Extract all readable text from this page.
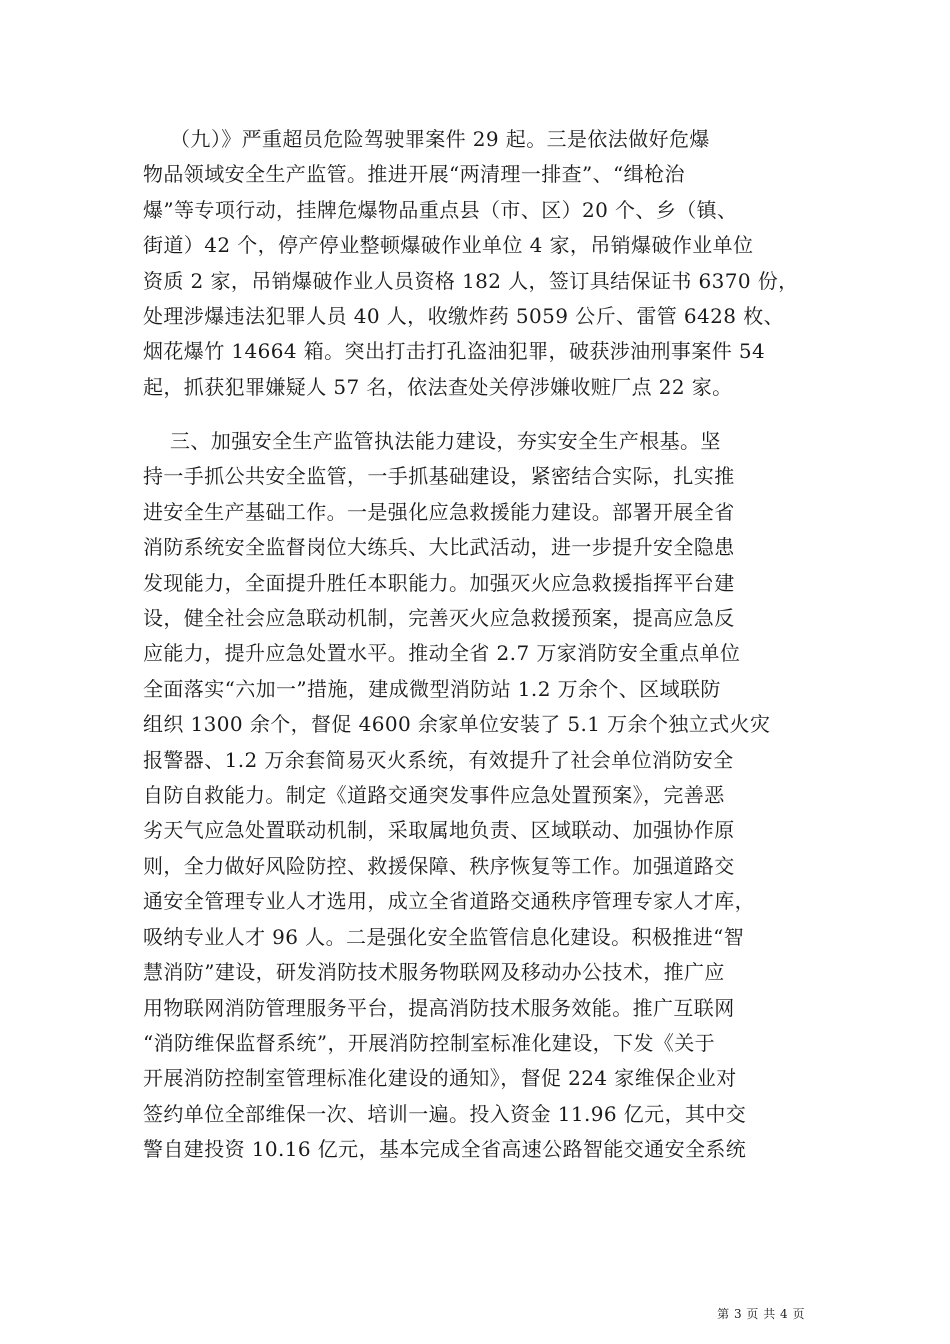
（九）》严重超员危险驾驶罪案件 29 起。三是依法做好危爆
物品领域安全生产监管。推进开展“两清理一排查”、“缉枪治
爆”等专项行动，挂牌危爆物品重点县（市、区）20 个、乡（镇、
街道）42 个，停产停业整顿爆破作业单位 4 家，吊销爆破作业单位
资质 2 家，吊销爆破作业人员资格 182 人，签订具结保证书 6370 份，
处理涉爆违法犯罪人员 40 人，收缴炸药 5059 公斤、雷管 6428 枚、
烟花爆竹 14664 箱。突出打击打孔盗油犯罪，破获涉油刑事案件 54
起，抓获犯罪嫌疑人 57 名，依法查处关停涉嫌收赃厂点 22 家。
三、加强安全生产监管执法能力建设，夯实安全生产根基。坚
持一手抓公共安全监管，一手抓基础建设，紧密结合实际，扎实推
进安全生产基础工作。一是强化应急救援能力建设。部署开展全省
消防系统安全监督岗位大练兵、大比武活动，进一步提升安全隐患
发现能力，全面提升胜任本职能力。加强灭火应急救援指挥平台建
设，健全社会应急联动机制，完善灭火应急救援预案，提高应急反
应能力，提升应急处置水平。推动全省 2.7 万家消防安全重点单位
全面落实“六加一”措施，建成微型消防站 1.2 万余个、区域联防
组织 1300 余个，督促 4600 余家单位安装了 5.1 万余个独立式火灾
报警器、1.2 万余套简易灭火系统，有效提升了社会单位消防安全
自防自救能力。制定《道路交通突发事件应急处置预案》，完善恶
劣天气应急处置联动机制，采取属地负责、区域联动、加强协作原
则，全力做好风险防控、救援保障、秩序恢复等工作。加强道路交
通安全管理专业人才选用，成立全省道路交通秩序管理专家人才库，
吸纳专业人才 96 人。二是强化安全监管信息化建设。积极推进“智
慧消防”建设，研发消防技术服务物联网及移动办公技术，推广应
用物联网消防管理服务平台，提高消防技术服务效能。推广互联网
“消防维保监督系统”，开展消防控制室标准化建设，下发《关于
开展消防控制室管理标准化建设的通知》，督促 224 家维保企业对
签约单位全部维保一次、培训一遍。投入资金 11.96 亿元，其中交
警自建投资 10.16 亿元，基本完成全省高速公路智能交通安全系统
第 3 页 共 4 页
